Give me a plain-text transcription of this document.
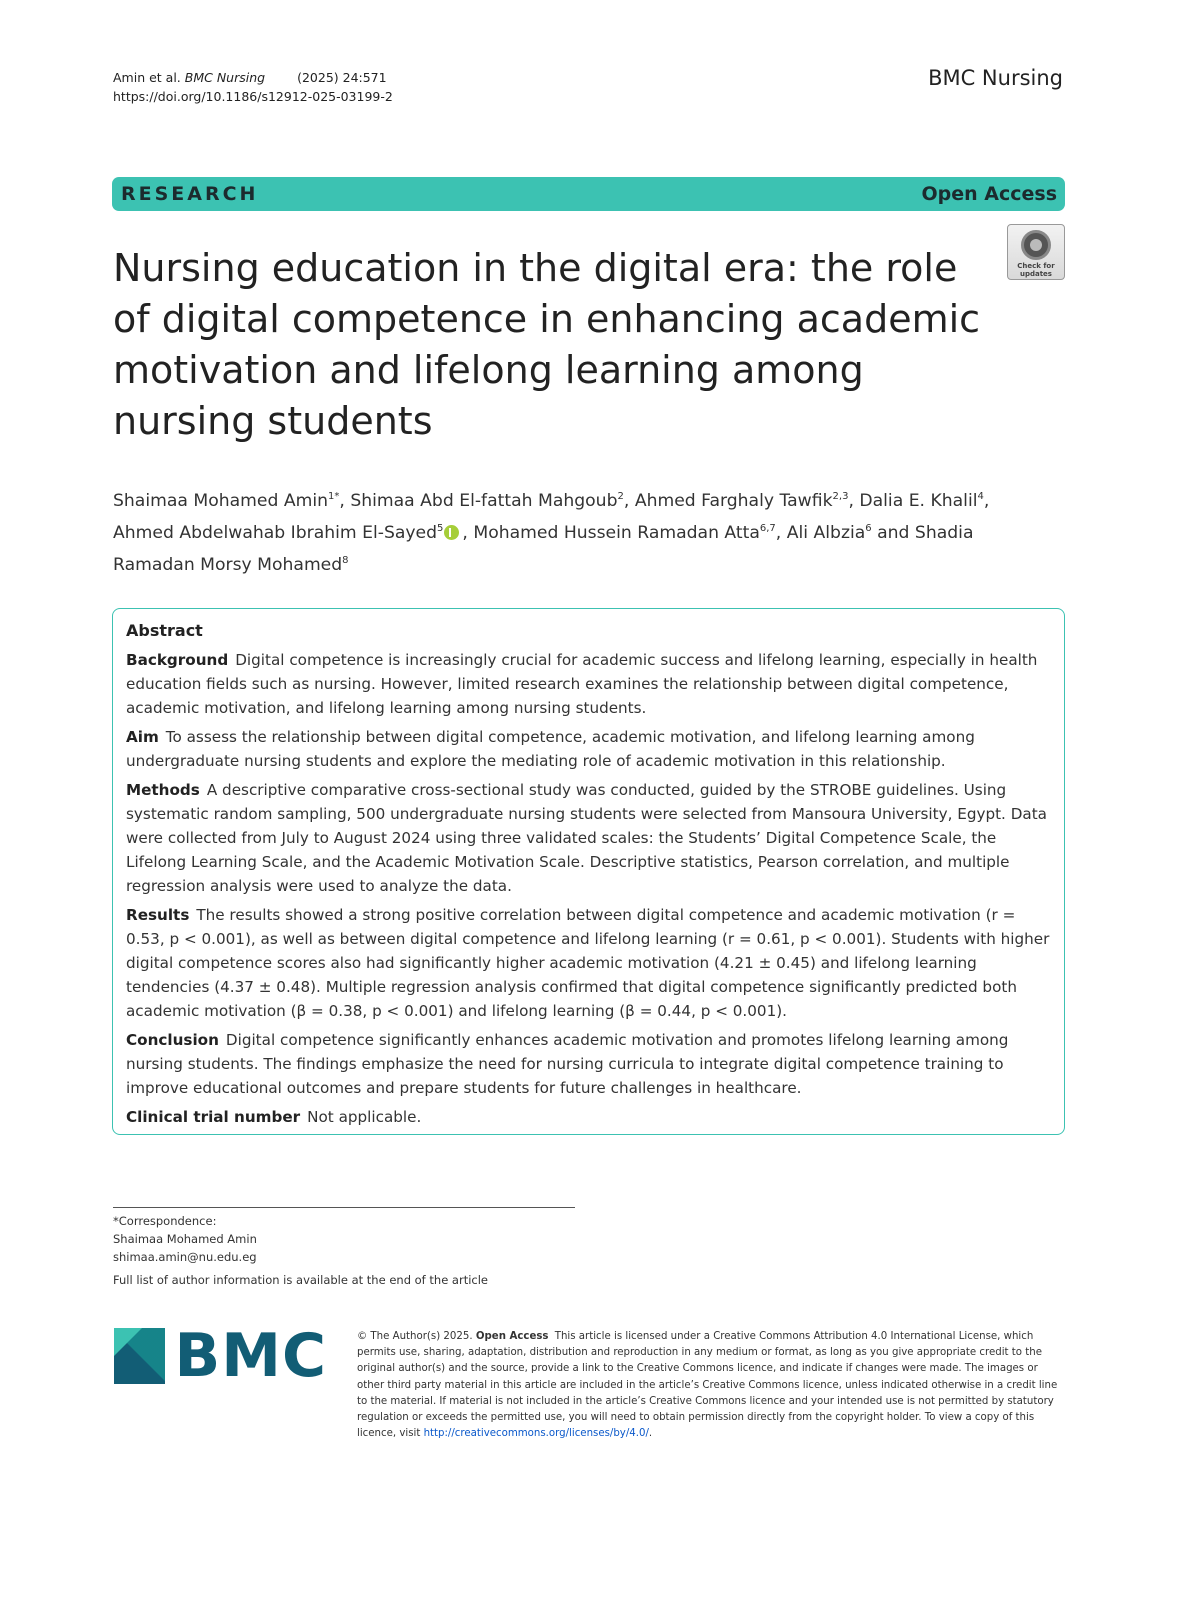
Amin et al. BMC Nursing	(2025) 24:571
https://doi.org/10.1186/s12912-025-03199-2
BMC Nursing
RESEARCH	Open Access
Check for
updates
Nursing education in the digital era: the role of digital competence in enhancing academic motivation and lifelong learning among nursing students
Shaimaa Mohamed Amin$^{1*}$, Shimaa Abd El-fattah Mahgoub$^2$, Ahmed Farghaly Tawfik$^{2,3}$, Dalia E. Khalil$^4$, Ahmed Abdelwahab Ibrahim El-Sayed$^5$ , Mohamed Hussein Ramadan Atta$^{6,7}$, Ali Albzia$^6$ and Shadia Ramadan Morsy Mohamed$^8$
Abstract
Background Digital competence is increasingly crucial for academic success and lifelong learning, especially in health education fields such as nursing. However, limited research examines the relationship between digital competence, academic motivation, and lifelong learning among nursing students.
Aim To assess the relationship between digital competence, academic motivation, and lifelong learning among undergraduate nursing students and explore the mediating role of academic motivation in this relationship.
Methods A descriptive comparative cross-sectional study was conducted, guided by the STROBE guidelines. Using systematic random sampling, 500 undergraduate nursing students were selected from Mansoura University, Egypt. Data were collected from July to August 2024 using three validated scales: the Students’ Digital Competence Scale, the Lifelong Learning Scale, and the Academic Motivation Scale. Descriptive statistics, Pearson correlation, and multiple regression analysis were used to analyze the data.
Results The results showed a strong positive correlation between digital competence and academic motivation (r = 0.53, p < 0.001), as well as between digital competence and lifelong learning (r = 0.61, p < 0.001). Students with higher digital competence scores also had significantly higher academic motivation (4.21 ± 0.45) and lifelong learning tendencies (4.37 ± 0.48). Multiple regression analysis confirmed that digital competence significantly predicted both academic motivation (β = 0.38, p < 0.001) and lifelong learning (β = 0.44, p < 0.001).
Conclusion Digital competence significantly enhances academic motivation and promotes lifelong learning among nursing students. The findings emphasize the need for nursing curricula to integrate digital competence training to improve educational outcomes and prepare students for future challenges in healthcare.
Clinical trial number Not applicable.
*Correspondence:
Shaimaa Mohamed Amin
shimaa.amin@nu.edu.eg
Full list of author information is available at the end of the article
BMC	© The Author(s) 2025. Open Access This article is licensed under a Creative Commons Attribution 4.0 International License, which permits use, sharing, adaptation, distribution and reproduction in any medium or format, as long as you give appropriate credit to the original author(s) and the source, provide a link to the Creative Commons licence, and indicate if changes were made. The images or other third party material in this article are included in the article’s Creative Commons licence, unless indicated otherwise in a credit line to the material. If material is not included in the article’s Creative Commons licence and your intended use is not permitted by statutory regulation or exceeds the permitted use, you will need to obtain permission directly from the copyright holder. To view a copy of this licence, visit http://creativecommons.org/licenses/by/4.0/.
